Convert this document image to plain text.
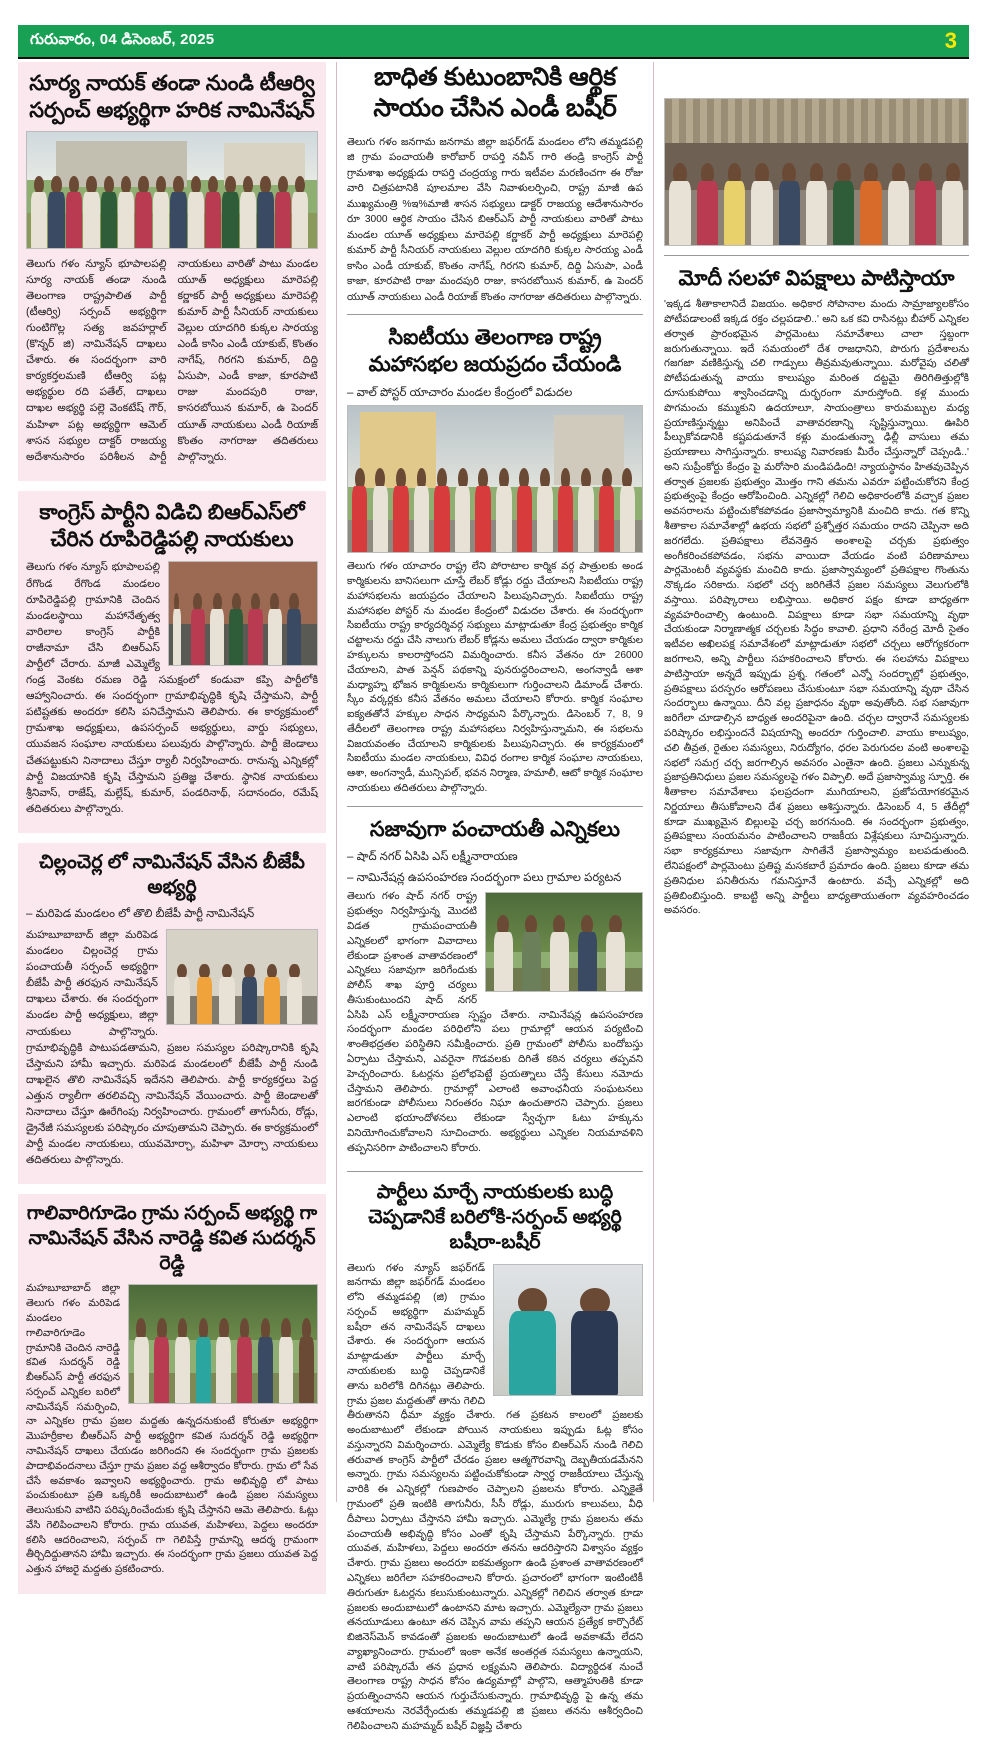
గురువారం, 04 డిసెంబర్, 2025	3
సూర్య నాయక్ తండా నుండి టీఆర్వి సర్పంచ్ అభ్యర్థిగా హరిక నామినేషన్

తెలుగు గళం న్యూస్ భూపాలపల్లి సూర్య నాయక్ తండా నుండి తెలంగాణ రాష్ట్రపాలిత పార్టీ (టీఆర్వి) సర్పంచ్ అభ్యర్థిగా గుంటిగొల్ల సత్య జవహర్లాల్ (కొన్నర్ జి) నామినేషన్ దాఖలు చేశారు. ఈ సందర్భంగా వారి కార్యకర్తలమణి టీఆర్వి పట్ల అభ్యర్థుల రది పతేల్, దాఖలు దాఖల అభ్యర్థి పల్లె వెంకటేష్ గౌర్, మహిళా పట్ల అభ్యర్థిగా ఆమెల్ శాసన సభ్యుల దాక్టర్ రాజయ్య అదేశానుసారం పరిశీలన పార్టీ నాయకులు వారితో పాటు మండల యూత్ అధ్యక్షులు మారెపల్లి కర్ణాకర్ పార్టీ అధ్యక్షులు మారెపల్లి కుమార్ పార్టీ సీనియర్ నాయకులు వెల్లుల యాదగిరి కుక్కల సారయ్య ఎండీ కాసిం ఎండీ యాకుబ్, కొంతం నాగేష్, గిరగని కుమార్, దిద్ది ఏసుపా, ఎండీ కాజా, కూరపాటి రాజు మందపురి రాజు, కాసరబోయిన కుమార్, ఉ పెందర్ యూత్ నాయకులు ఎండీ రియాజ్ కొంతం నాగరాజు తదితరులు పాల్గొన్నారు.

కాంగ్రెస్ పార్టీని విడిచి బిఆర్‌ఎస్‌లో చేరిన రూపిరెడ్డిపల్లి నాయకులు

తెలుగు గళం న్యూస్ భూపాలపల్లి రేగొండ రేగొండ మండలం రూపిరెడ్డిపల్లి గ్రామానికి చెందిన మండలస్థాయి మహానేతృత్వ వారిలాల కాంగ్రెస్ పార్టీకి రాజీనామా చేసి బిఆర్‌ఎస్ పార్టీలో చేరారు. మాజీ ఎమ్మెల్యే గండ్ర వెంకట రమణ రెడ్డి సమక్షంలో కండువా కప్పి పార్టీలోకి ఆహ్వానించారు. ఈ సందర్భంగా గ్రామాభివృద్ధికి కృషి చేస్తామని, పార్టీ పటిష్టతకు అందరూ కలిసి పనిచేస్తామని తెలిపారు. ఈ కార్యక్రమంలో గ్రామశాఖ అధ్యక్షులు, ఉపసర్పంచ్ అభ్యర్థులు, వార్డు సభ్యులు, యువజన సంఘాల నాయకులు పలువురు పాల్గొన్నారు. పార్టీ జెండాలు చేతపట్టుకుని నినాదాలు చేస్తూ ర్యాలీ నిర్వహించారు. రానున్న ఎన్నికల్లో పార్టీ విజయానికి కృషి చేస్తామని ప్రతిజ్ఞ చేశారు. స్థానిక నాయకులు శ్రీనివాస్, రాజేష్, మల్లేష్, కుమార్, పండరినాథ్, సదానందం, రమేష్ తదితరులు పాల్గొన్నారు.

చిల్లంచెర్ల లో నామినేషన్ వేసిన బీజేపీ అభ్యర్థి

– మరిపెడ మండలం లో తొలి బీజేపీ పార్టీ నామినేషన్

మహబూబాబాద్ జిల్లా మరిపెడ మండలం చిల్లంచెర్ల గ్రామ పంచాయతీ సర్పంచ్ అభ్యర్థిగా బీజేపీ పార్టీ తరఫున నామినేషన్ దాఖలు చేశారు. ఈ సందర్భంగా మండల పార్టీ అధ్యక్షులు, జిల్లా నాయకులు పాల్గొన్నారు. గ్రామాభివృద్ధికి పాటుపడతామని, ప్రజల సమస్యల పరిష్కారానికి కృషి చేస్తామని హామీ ఇచ్చారు. మరిపెడ మండలంలో బీజేపీ పార్టీ నుండి దాఖలైన తొలి నామినేషన్ ఇదేనని తెలిపారు. పార్టీ కార్యకర్తలు పెద్ద ఎత్తున ర్యాలీగా తరలివచ్చి నామినేషన్ వేయించారు. పార్టీ జెండాలతో నినాదాలు చేస్తూ ఊరేగింపు నిర్వహించారు. గ్రామంలో తాగునీరు, రోడ్లు, డ్రైనేజీ సమస్యలకు పరిష్కారం చూపుతామని చెప్పారు. ఈ కార్యక్రమంలో పార్టీ మండల నాయకులు, యువమోర్చా, మహిళా మోర్చా నాయకులు తదితరులు పాల్గొన్నారు.

గాలివారిగూడెం గ్రామ సర్పంచ్ అభ్యర్థి గా నామినేషన్ వేసిన నారెడ్డి కవిత సుదర్శన్ రెడ్డి

మహబూబాబాద్ జిల్లా తెలుగు గళం మరిపెడ మండలం గాలివారిగూడెం గ్రామానికి చెందిన నారెడ్డి కవిత సుదర్శన్ రెడ్డి బీఆర్ఎస్ పార్టీ తరఫున సర్పంచ్ ఎన్నికల బరిలో నామినేషన్ సమర్పించి, నా ఎన్నికల గ్రామ ప్రజల మద్దతు ఉన్నదనుకుంటే కోరుతూ అభ్యర్థిగా మొహర్రీకాల బీఆర్ఎస్ పార్టీ అభ్యర్థిగా కవిత సుదర్శన్ రెడ్డి అభ్యర్థిగా నామినేషన్ దాఖలు చేయడం జరిగిందని ఈ సందర్భంగా గ్రామ ప్రజలకు పాదాభివందనాలు చేస్తూ గ్రామ ప్రజల వద్ద ఆశీర్వాదం కోరారు. గ్రామ లో సేవ చేసే అవకాశం ఇవ్వాలని అభ్యర్థించారు. గ్రామ అభివృద్ధి లో పాటు పంచుకుంటూ ప్రతి ఒక్కరికీ అందుబాటులో ఉండి ప్రజల సమస్యలు తెలుసుకుని వాటిని పరిష్కరించేందుకు కృషి చేస్తానని ఆమె తెలిపారు. ఓట్లు వేసి గెలిపించాలని కోరారు. గ్రామ యువత, మహిళలు, పెద్దలు అందరూ కలిసి ఆదరించాలని, సర్పంచ్ గా గెలిపిస్తే గ్రామాన్ని ఆదర్శ గ్రామంగా తీర్చిదిద్దుతానని హామీ ఇచ్చారు. ఈ సందర్భంగా గ్రామ ప్రజలు యువత పెద్ద ఎత్తున హాజరై మద్దతు ప్రకటించారు.

బాధిత కుటుంబానికి ఆర్థిక సాయం చేసిన ఎండీ బషీర్

తెలుగు గళం జనగామ జనగామ జిల్లా జఫర్‌గడ్ మండలం లోని తమ్మడపల్లి జి గ్రామ పంచాయతీ కారోబార్ రాపర్తి నవీన్ గారి తండ్రి కాంగ్రెస్ పార్టీ గ్రామశాఖ అధ్యక్షుడు రాపర్తి చంద్రయ్య గారు ఇటీవల మరణించగా ఈ రోజు వారి చిత్రపటానికి పూలమాల వేసి నివాళులర్పించి, రాష్ట్ర మాజీ ఉప ముఖ్యమంత్రి %ఇ%మాజీ శాసన సభ్యులు డాక్టర్ రాజయ్య ఆదేశానుసారం రూ 3000 ఆర్థిక సాయం చేసిన బిఆర్ఎస్ పార్టీ నాయకులు వారితో పాటు మండల యూత్ అధ్యక్షులు మారెపల్లి కర్ణాకర్ పార్టీ అధ్యక్షులు మారెపల్లి కుమార్ పార్టీ సీనియర్ నాయకులు వెల్లుల యాదగిరి కుక్కల సారయ్య ఎండీ కాసిం ఎండీ యాకుబ్, కొంతం నాగేష్, గిరగని కుమార్, దిద్ది ఏసుపా, ఎండీ కాజా, కూరపాటి రాజు మందపురి రాజు, కాసరబోయిన కుమార్, ఉ పెందర్ యూత్ నాయకులు ఎండీ రియాజ్ కొంతం నాగరాజు తదితరులు పాల్గొన్నారు.

సిఐటీయు తెలంగాణ రాష్ట్ర మహాసభల జయప్రదం చేయండి

– వాల్ పోస్టర్ యాచారం మండల కేంద్రంలో విడుదల

తెలుగు గళం యాచారం రాష్ట్ర లేని పోరాటాల కార్మిక వర్గ పాత్రులకు అండ కార్మికులను బానిసలుగా చూస్తే లేబర్ కోడ్లు రద్దు చేయాలని సిఐటీయు రాష్ట్ర మహాసభలను జయప్రదం చేయాలని పిలుపునిచ్చారు. సిఐటీయు రాష్ట్ర మహాసభల పోస్టర్ ను మండల కేంద్రంలో విడుదల చేశారు. ఈ సందర్భంగా సిఐటీయు రాష్ట్ర కార్యదర్శివర్గ సభ్యులు మాట్లాడుతూ కేంద్ర ప్రభుత్వం కార్మిక చట్టాలను రద్దు చేసి నాలుగు లేబర్ కోడ్లను అమలు చేయడం ద్వారా కార్మికుల హక్కులను కాలరాస్తోందని విమర్శించారు. కనీస వేతనం రూ 26000 చేయాలని, పాత పెన్షన్ పథకాన్ని పునరుద్ధరించాలని, అంగన్వాడీ ఆశా మధ్యాహ్న భోజన కార్మికులను కార్మికులుగా గుర్తించాలని డిమాండ్ చేశారు. స్కీం వర్కర్లకు కనీస వేతనం అమలు చేయాలని కోరారు. కార్మిక సంఘాల ఐక్యతతోనే హక్కుల సాధన సాధ్యమని పేర్కొన్నారు. డిసెంబర్ 7, 8, 9 తేదీలలో తెలంగాణ రాష్ట్ర మహాసభలు నిర్వహిస్తున్నామని, ఈ సభలను విజయవంతం చేయాలని కార్మికులకు పిలుపునిచ్చారు. ఈ కార్యక్రమంలో సిఐటీయు మండల నాయకులు, వివిధ రంగాల కార్మిక సంఘాల నాయకులు, ఆశా, అంగన్వాడీ, మున్సిపల్, భవన నిర్మాణ, హమాలీ, ఆటో కార్మిక సంఘాల నాయకులు తదితరులు పాల్గొన్నారు.

సజావుగా పంచాయతీ ఎన్నికలు

– షాద్ నగర్ ఏసిపి ఎస్ లక్ష్మీనారాయణ

– నామినేషన్ల ఉపసంహరణ సందర్భంగా పలు గ్రామాల పర్యటన

తెలుగు గళం షాద్ నగర్ రాష్ట్ర ప్రభుత్వం నిర్వహిస్తున్న మొదటి విడత గ్రామపంచాయతీ ఎన్నికలలో భాగంగా వివాదాలు లేకుండా ప్రశాంత వాతావరణంలో ఎన్నికలు సజావుగా జరిగేందుకు పోలీస్ శాఖ పూర్తి చర్యలు తీసుకుంటుందని షాద్ నగర్ ఏసిపి ఎస్ లక్ష్మీనారాయణ స్పష్టం చేశారు. నామినేషన్ల ఉపసంహరణ సందర్భంగా మండల పరిధిలోని పలు గ్రామాల్లో ఆయన పర్యటించి శాంతిభద్రతల పరిస్థితిని సమీక్షించారు. ప్రతి గ్రామంలో పోలీసు బందోబస్తు ఏర్పాటు చేస్తామని, ఎవరైనా గొడవలకు దిగితే కఠిన చర్యలు తప్పవని హెచ్చరించారు. ఓటర్లను ప్రలోభపెట్టే ప్రయత్నాలు చేస్తే కేసులు నమోదు చేస్తామని తెలిపారు. గ్రామాల్లో ఎలాంటి అవాంఛనీయ సంఘటనలు జరగకుండా పోలీసులు నిరంతరం నిఘా ఉంచుతారని చెప్పారు. ప్రజలు ఎలాంటి భయాందోళనలు లేకుండా స్వేచ్ఛగా ఓటు హక్కును వినియోగించుకోవాలని సూచించారు. అభ్యర్థులు ఎన్నికల నియమావళిని తప్పనిసరిగా పాటించాలని కోరారు.

పార్టీలు మార్చే నాయకులకు బుద్ధి చెప్పడానికే బరిలోకి-సర్పంచ్ అభ్యర్థి బషీరా-బషీర్

తెలుగు గళం న్యూస్ జఫర్‌గడ్ జనగామ జిల్లా జఫర్‌గడ్ మండలం లోని తమ్మడపల్లి (జి) గ్రామం సర్పంచ్ అభ్యర్థిగా మహమ్మద్ బషీరా తన నామినేషన్ దాఖలు చేశారు. ఈ సందర్భంగా ఆయన మాట్లాడుతూ పార్టీలు మార్చే నాయకులకు బుద్ధి చెప్పడానికే తాను బరిలోకి దిగినట్లు తెలిపారు. గ్రామ ప్రజల మద్దతుతో తాను గెలిచి తీరుతానని ధీమా వ్యక్తం చేశారు. గత ప్రకటన కాలంలో ప్రజలకు అందుబాటులో లేకుండా పోయిన నాయకులు ఇప్పుడు ఓట్ల కోసం వస్తున్నారని విమర్శించారు. ఎమ్మెల్యే కొడుకు కోసం బిఆర్ఎస్ నుండి గెలిచి తరువాత కాంగ్రెస్ పార్టీలో చేరడం ప్రజల ఆత్మగౌరవాన్ని దెబ్బతీయడమేనని అన్నారు. గ్రామ సమస్యలను పట్టించుకోకుండా స్వార్థ రాజకీయాలు చేస్తున్న వారికి ఈ ఎన్నికల్లో గుణపాఠం చెప్పాలని ప్రజలను కోరారు. ఎన్నికైతే గ్రామంలో ప్రతి ఇంటికి తాగునీరు, సీసీ రోడ్లు, మురుగు కాలువలు, వీధి దీపాలు ఏర్పాటు చేస్తానని హామీ ఇచ్చారు. ఎమ్మెల్యే గ్రామ ప్రజలను తమ పంచాయతీ అభివృద్ధి కోసం ఎంతో కృషి చేస్తామని పేర్కొన్నారు. గ్రామ యువత, మహిళలు, పెద్దలు అందరూ తనను ఆదరిస్తారని విశ్వాసం వ్యక్తం చేశారు. గ్రామ ప్రజలు అందరూ ఐకమత్యంగా ఉండి ప్రశాంత వాతావరణంలో ఎన్నికలు జరిగేలా సహకరించాలని కోరారు. ప్రచారంలో భాగంగా ఇంటింటికీ తిరుగుతూ ఓటర్లను కలుసుకుంటున్నారు. ఎన్నికల్లో గెలిచిన తర్వాత కూడా ప్రజలకు అందుబాటులో ఉంటానని మాట ఇచ్చారు. ఎమ్మెల్యేనా గ్రామ ప్రజలు తనయూడులు ఉంటూ తన చెప్పిన వామ తప్పని ఆయన ప్రత్యేక కార్పొరేట్ బిజినెస్‌మెన్ కావడంతో ప్రజలకు అందుబాటులో ఉండే అవకాశమే లేదని వ్యాఖ్యానించారు. గ్రామంలో ఇంకా అనేక అంతర్గత సమస్యలు ఉన్నాయని, వాటి పరిష్కారమే తన ప్రధాన లక్ష్యమని తెలిపారు. విద్యార్థిదశ నుంచే తెలంగాణ రాష్ట్ర సాధన కోసం ఉద్యమాల్లో పాల్గొని, ఆత్మాహుతికి కూడా ప్రయత్నించానని ఆయన గుర్తుచేసుకున్నారు. గ్రామాభివృద్ధి పై ఉన్న తమ ఆశయాలను నెరవేర్చేందుకు తమ్మడపల్లి జి ప్రజలు తనను ఆశీర్వదించి గెలిపించాలని మహమ్మద్ బషీర్ విజ్ఞప్తి చేశారు

మోదీ సలహా విపక్షాలు పాటిస్తాయా

'ఇక్కడ శీతాకాలానిదే విజయం. అధికార సోపానాల మందు సామ్రాజ్యాలకోసం పోటీపడాలంటే ఇక్కడ రక్తం చల్లపడాలి..' అని ఒక కవి రాసినట్లు బీహార్ ఎన్నికల తర్వాత ప్రారంభమైన పార్లమెంటు సమావేశాలు చాలా స్తబ్దంగా జరుగుతున్నాయి. ఇదే సమయంలో దేశ రాజధానిని, పొరుగు ప్రదేశాలను గజగజా వణికిస్తున్న చలి గాడ్పులు తీవ్రమవుతున్నాయి. మరోవైపు చలితో పోటీపడుతున్న వాయు కాలుష్యం మరింత దట్టమై తిరిగితిత్తుల్లోకి దూసుకుపోయి శ్వాసించడాన్ని దుర్భరంగా మారుస్తోంది. కళ్ల ముందు పొగమంచు కమ్ముకుని ఉదయాలూ, సాయంత్రాలు కారుమబ్బుల మధ్య ప్రయాణిస్తున్నట్టు అనిపించే వాతావరణాన్ని సృష్టిస్తున్నాయి. ఊపిరి పీల్చుకోవడానికి కష్టపడుతూనే కళ్లు మండుతున్నా ఢిల్లీ వాసులు తమ ప్రయాణాలు సాగిస్తున్నారు. కాలుష్య నివారణకు మీరేం చేస్తున్నారో చెప్పండి..' అని సుప్రీంకోర్టు కేంద్రం పై మరోసారి మండిపడింది! న్యాయస్థానం హితవుచెప్పిన తర్వాత ప్రజలకు ప్రభుత్వం మొత్తం గాని తమను ఎవరూ పట్టించుకోరని కేంద్ర ప్రభుత్వంపై కేంద్రం ఆరోపించింది. ఎన్నికల్లో గెలిచి అధికారంలోకి వచ్చాక ప్రజల అవసరాలను పట్టించుకోకపోవడం ప్రజాస్వామ్యానికి మంచిది కాదు. గత కొన్ని శీతాకాల సమావేశాల్లో ఉభయ సభలో ప్రశ్నోత్తర సమయం రాదని చెప్పినా అది జరగలేదు. ప్రతిపక్షాలు లేవనెత్తిన అంశాలపై చర్చకు ప్రభుత్వం అంగీకరించకపోవడం, సభను వాయిదా వేయడం వంటి పరిణామాలు పార్లమెంటరీ వ్యవస్థకు మంచిది కాదు. ప్రజాస్వామ్యంలో ప్రతిపక్షాల గొంతును నొక్కడం సరికాదు. సభలో చర్చ జరిగితేనే ప్రజల సమస్యలు వెలుగులోకి వస్తాయి. పరిష్కారాలు లభిస్తాయి. అధికార పక్షం కూడా బాధ్యతగా వ్యవహరించాల్సి ఉంటుంది. విపక్షాలు కూడా సభా సమయాన్ని వృథా చేయకుండా నిర్మాణాత్మక చర్చలకు సిద్ధం కావాలి. ప్రధాని నరేంద్ర మోదీ సైతం ఇటీవల అఖిలపక్ష సమావేశంలో మాట్లాడుతూ సభలో చర్చలు ఆరోగ్యకరంగా జరగాలని, అన్ని పార్టీలు సహకరించాలని కోరారు. ఈ సలహాను విపక్షాలు పాటిస్తాయా అన్నదే ఇప్పుడు ప్రశ్న. గతంలో ఎన్నో సందర్భాల్లో ప్రభుత్వం, ప్రతిపక్షాలు పరస్పరం ఆరోపణలు చేసుకుంటూ సభా సమయాన్ని వృథా చేసిన సందర్భాలు ఉన్నాయి. దీని వల్ల ప్రజాధనం వృథా అవుతోంది. సభ సజావుగా జరిగేలా చూడాల్సిన బాధ్యత అందరిపైనా ఉంది. చర్చల ద్వారానే సమస్యలకు పరిష్కారం లభిస్తుందనే విషయాన్ని అందరూ గుర్తించాలి. వాయు కాలుష్యం, చలి తీవ్రత, రైతుల సమస్యలు, నిరుద్యోగం, ధరల పెరుగుదల వంటి అంశాలపై సభలో సమగ్ర చర్చ జరగాల్సిన అవసరం ఎంతైనా ఉంది. ప్రజలు ఎన్నుకున్న ప్రజాప్రతినిధులు ప్రజల సమస్యలపై గళం విప్పాలి. అదే ప్రజాస్వామ్య స్ఫూర్తి. ఈ శీతాకాల సమావేశాలు ఫలప్రదంగా ముగియాలని, ప్రజోపయోగకరమైన నిర్ణయాలు తీసుకోవాలని దేశ ప్రజలు ఆశిస్తున్నారు. డిసెంబర్ 4, 5 తేదీల్లో కూడా ముఖ్యమైన బిల్లులపై చర్చ జరగనుంది. ఈ సందర్భంగా ప్రభుత్వం, ప్రతిపక్షాలు సంయమనం పాటించాలని రాజకీయ విశ్లేషకులు సూచిస్తున్నారు. సభా కార్యక్రమాలు సజావుగా సాగితేనే ప్రజాస్వామ్యం బలపడుతుంది. లేనిపక్షంలో పార్లమెంటు ప్రతిష్ట మసకబారే ప్రమాదం ఉంది. ప్రజలు కూడా తమ ప్రతినిధుల పనితీరును గమనిస్తూనే ఉంటారు. వచ్చే ఎన్నికల్లో అది ప్రతిబింబిస్తుంది. కాబట్టి అన్ని పార్టీలు బాధ్యతాయుతంగా వ్యవహరించడం అవసరం.
